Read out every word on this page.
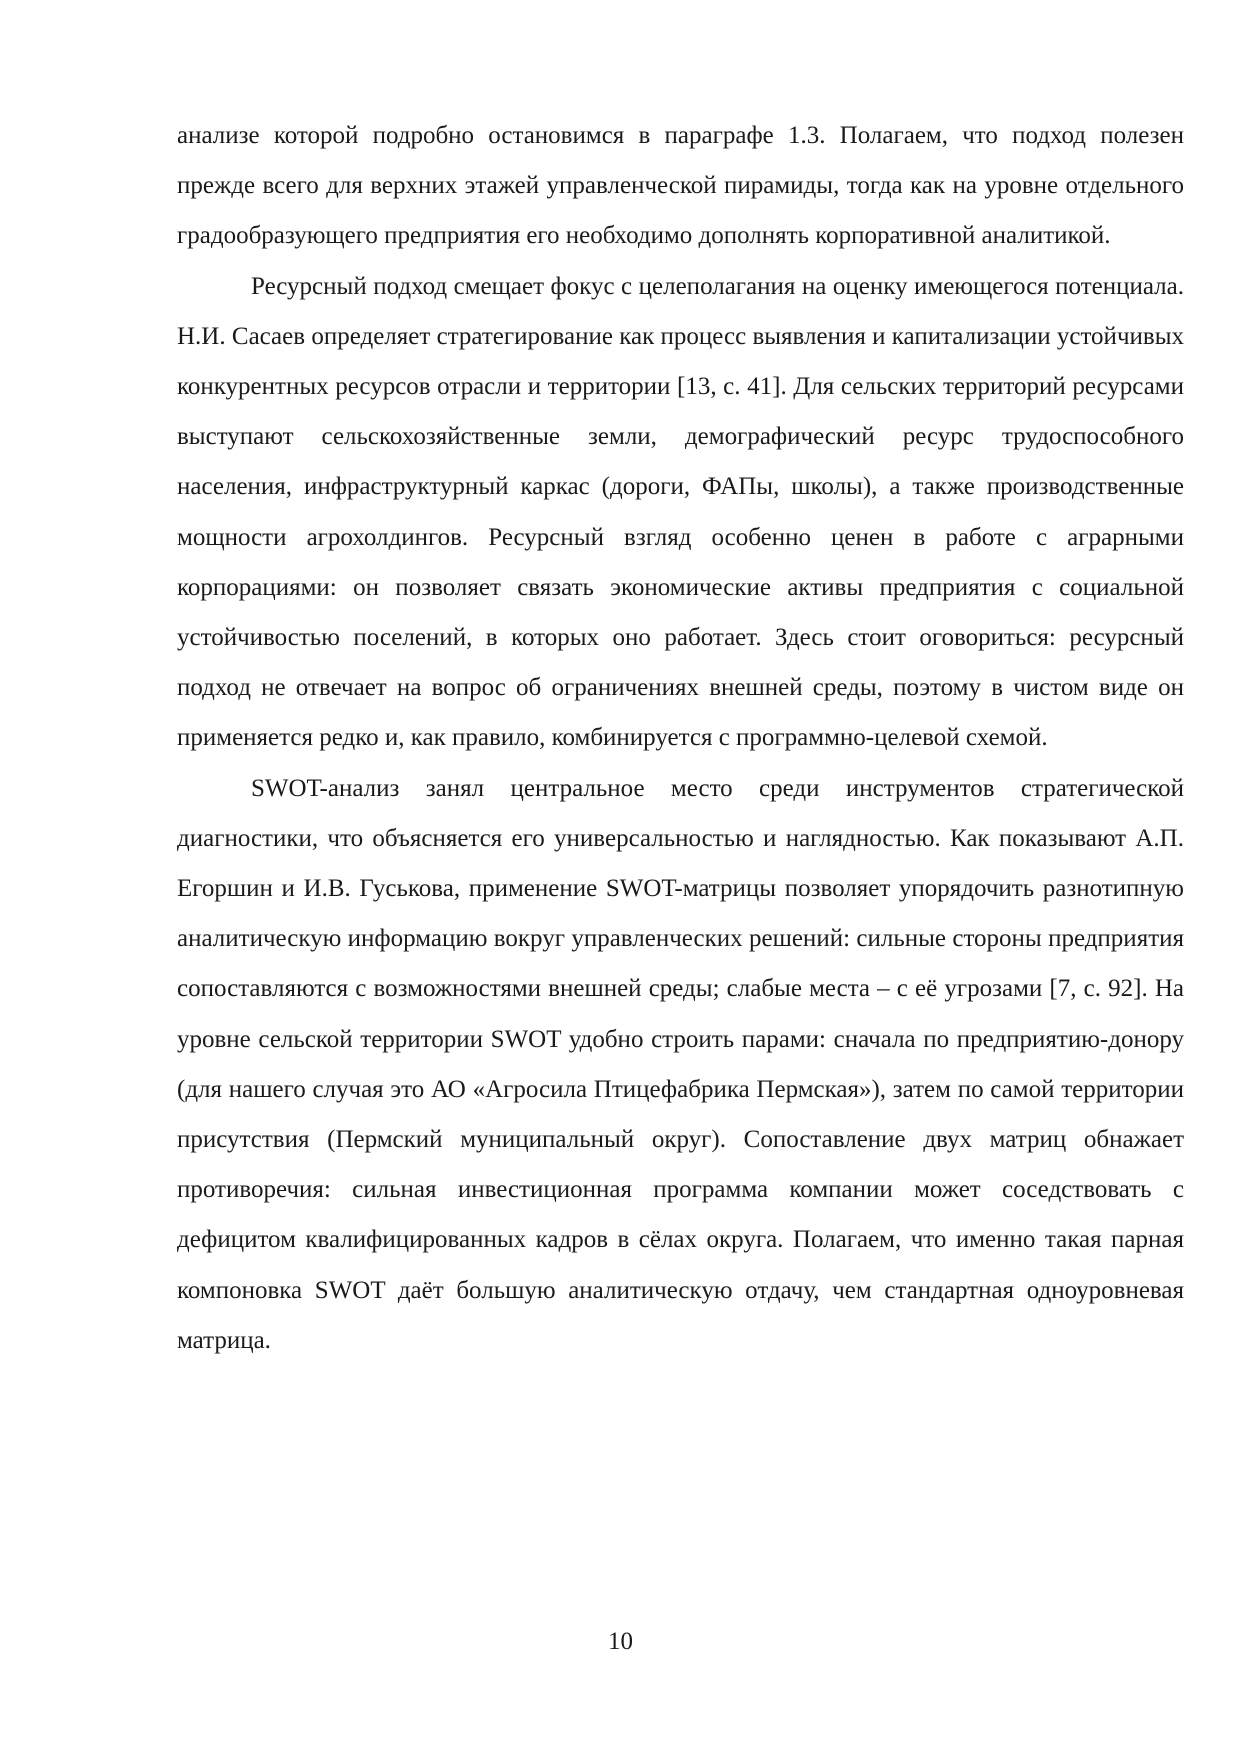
анализе которой подробно остановимся в параграфе 1.3. Полагаем, что подход полезен прежде всего для верхних этажей управленческой пирамиды, тогда как на уровне отдельного градообразующего предприятия его необходимо дополнять корпоративной аналитикой.

Ресурсный подход смещает фокус с целеполагания на оценку имеющегося потенциала. Н.И. Сасаев определяет стратегирование как процесс выявления и капитализации устойчивых конкурентных ресурсов отрасли и территории [13, с. 41]. Для сельских территорий ресурсами выступают сельскохозяйственные земли, демографический ресурс трудоспособного населения, инфраструктурный каркас (дороги, ФАПы, школы), а также производственные мощности агрохолдингов. Ресурсный взгляд особенно ценен в работе с аграрными корпорациями: он позволяет связать экономические активы предприятия с социальной устойчивостью поселений, в которых оно работает. Здесь стоит оговориться: ресурсный подход не отвечает на вопрос об ограничениях внешней среды, поэтому в чистом виде он применяется редко и, как правило, комбинируется с программно-целевой схемой.

SWOT-анализ занял центральное место среди инструментов стратегической диагностики, что объясняется его универсальностью и наглядностью. Как показывают А.П. Егоршин и И.В. Гуськова, применение SWOT-матрицы позволяет упорядочить разнотипную аналитическую информацию вокруг управленческих решений: сильные стороны предприятия сопоставляются с возможностями внешней среды; слабые места – с её угрозами [7, с. 92]. На уровне сельской территории SWOT удобно строить парами: сначала по предприятию-донору (для нашего случая это АО «Агросила Птицефабрика Пермская»), затем по самой территории присутствия (Пермский муниципальный округ). Сопоставление двух матриц обнажает противоречия: сильная инвестиционная программа компании может соседствовать с дефицитом квалифицированных кадров в сёлах округа. Полагаем, что именно такая парная компоновка SWOT даёт большую аналитическую отдачу, чем стандартная одноуровневая матрица.

10
